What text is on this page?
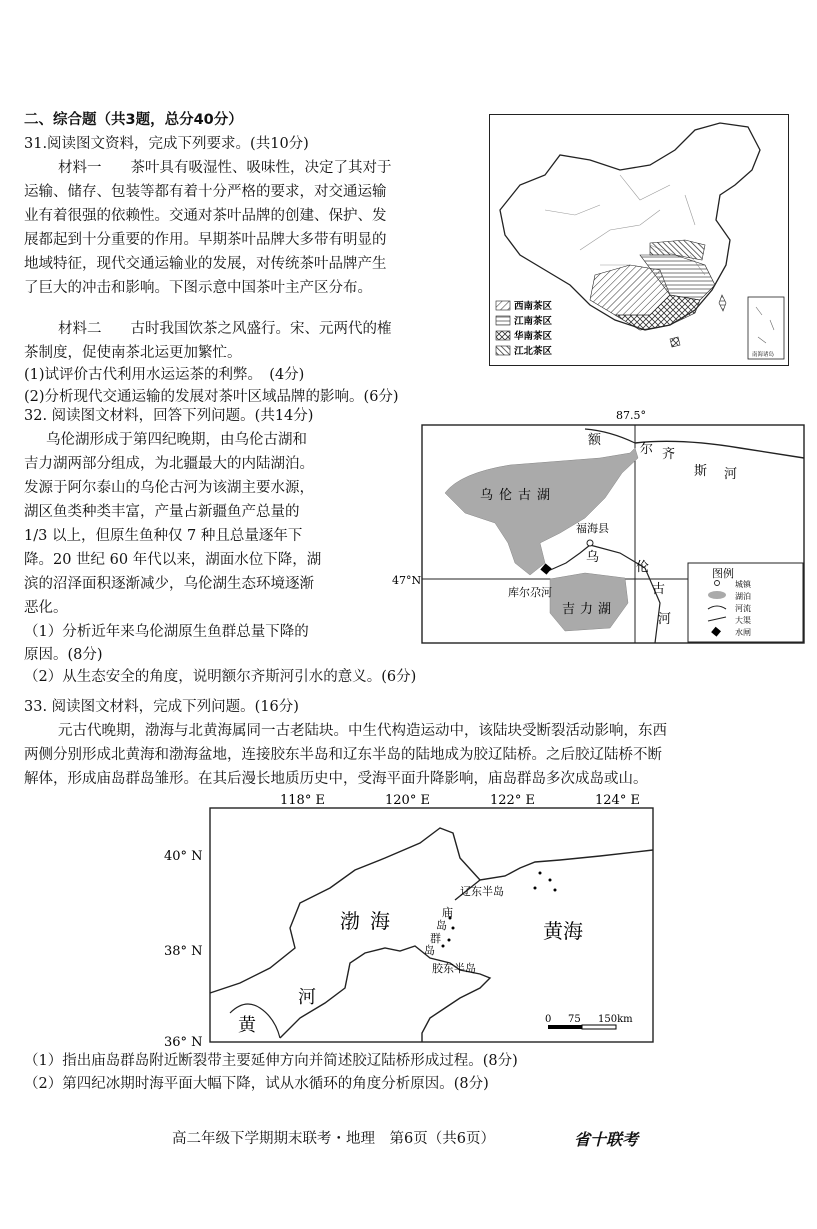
二、综合题（共3题，总分40分）
31.阅读图文资料，完成下列要求。(共10分)
材料一　　茶叶具有吸湿性、吸味性，决定了其对于
运输、储存、包装等都有着十分严格的要求，对交通运输
业有着很强的依赖性。交通对茶叶品牌的创建、保护、发
展都起到十分重要的作用。早期茶叶品牌大多带有明显的
地域特征，现代交通运输业的发展，对传统茶叶品牌产生
了巨大的冲击和影响。下图示意中国茶叶主产区分布。
材料二　　古时我国饮茶之风盛行。宋、元两代的榷
茶制度，促使南茶北运更加繁忙。
(1)试评价古代利用水运运茶的利弊。　(4分)
(2)分析现代交通运输的发展对茶叶区域品牌的影响。(6分)
西南茶区
江南茶区
华南茶区
江北茶区	南海诸岛
32. 阅读图文材料，回答下列问题。(共14分)
乌伦湖形成于第四纪晚期，由乌伦古湖和
吉力湖两部分组成，为北疆最大的内陆湖泊。
发源于阿尔泰山的乌伦古河为该湖主要水源，
湖区鱼类种类丰富，产量占新疆鱼产总量的
1/3 以上，但原生鱼种仅 7 种且总量逐年下
降。20 世纪 60 年代以来，湖面水位下降，湖
滨的沼泽面积逐渐减少，乌伦湖生态环境逐渐
恶化。
（1）分析近年来乌伦湖原生鱼群总量下降的
原因。(8分)
（2）从生态安全的角度，说明额尔齐斯河引水的意义。(6分)
87.5°
47°N
乌伦古湖
吉力湖
福海县
库尔尕河
额
尔 齐
斯 河
乌
伦
古
河
图例
城镇
湖泊
河流
大渠
水闸
33. 阅读图文材料，完成下列问题。(16分)
元古代晚期，渤海与北黄海属同一古老陆块。中生代构造运动中，该陆块受断裂活动影响，东西
两侧分别形成北黄海和渤海盆地，连接胶东半岛和辽东半岛的陆地成为胶辽陆桥。之后胶辽陆桥不断
解体，形成庙岛群岛雏形。在其后漫长地质历史中，受海平面升降影响，庙岛群岛多次成岛或山。
118° E	120° E	122° E	124° E
40° N
38° N
36° N
渤海	黄海
辽东半岛
胶东半岛
庙
岛
群
岛
河
黄	0 75 150km
（1）指出庙岛群岛附近断裂带主要延伸方向并简述胶辽陆桥形成过程。(8分)
（2）第四纪冰期时海平面大幅下降，试从水循环的角度分析原因。(8分)
高二年级下学期期末联考・地理　第6页（共6页）	省十联考
